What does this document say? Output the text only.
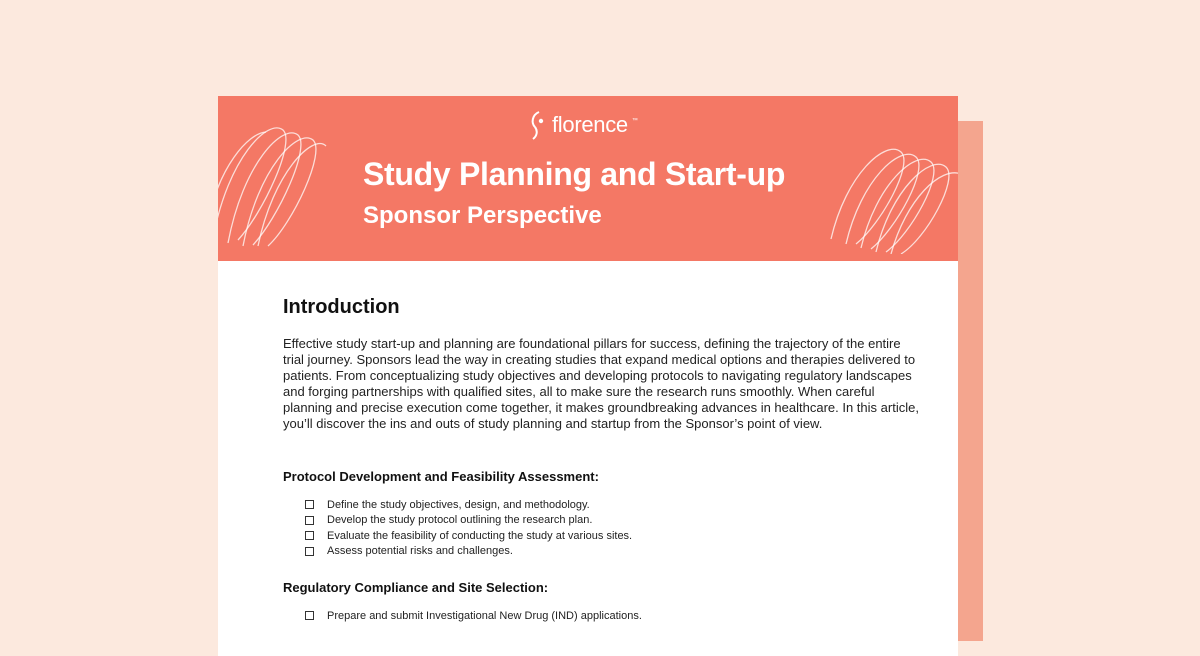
florence ™
Study Planning and Start-up
Sponsor Perspective
Introduction

Effective study start-up and planning are foundational pillars for success, defining the trajectory of the entire trial journey. Sponsors lead the way in creating studies that expand medical options and therapies delivered to patients. From conceptualizing study objectives and developing protocols to navigating regulatory landscapes and forging partnerships with qualified sites, all to make sure the research runs smoothly. When careful planning and precise execution come together, it makes groundbreaking advances in healthcare. In this article, you’ll discover the ins and outs of study planning and startup from the Sponsor’s point of view.

Protocol Development and Feasibility Assessment:
Define the study objectives, design, and methodology.
Develop the study protocol outlining the research plan.
Evaluate the feasibility of conducting the study at various sites.
Assess potential risks and challenges.
Regulatory Compliance and Site Selection:
Prepare and submit Investigational New Drug (IND) applications.
